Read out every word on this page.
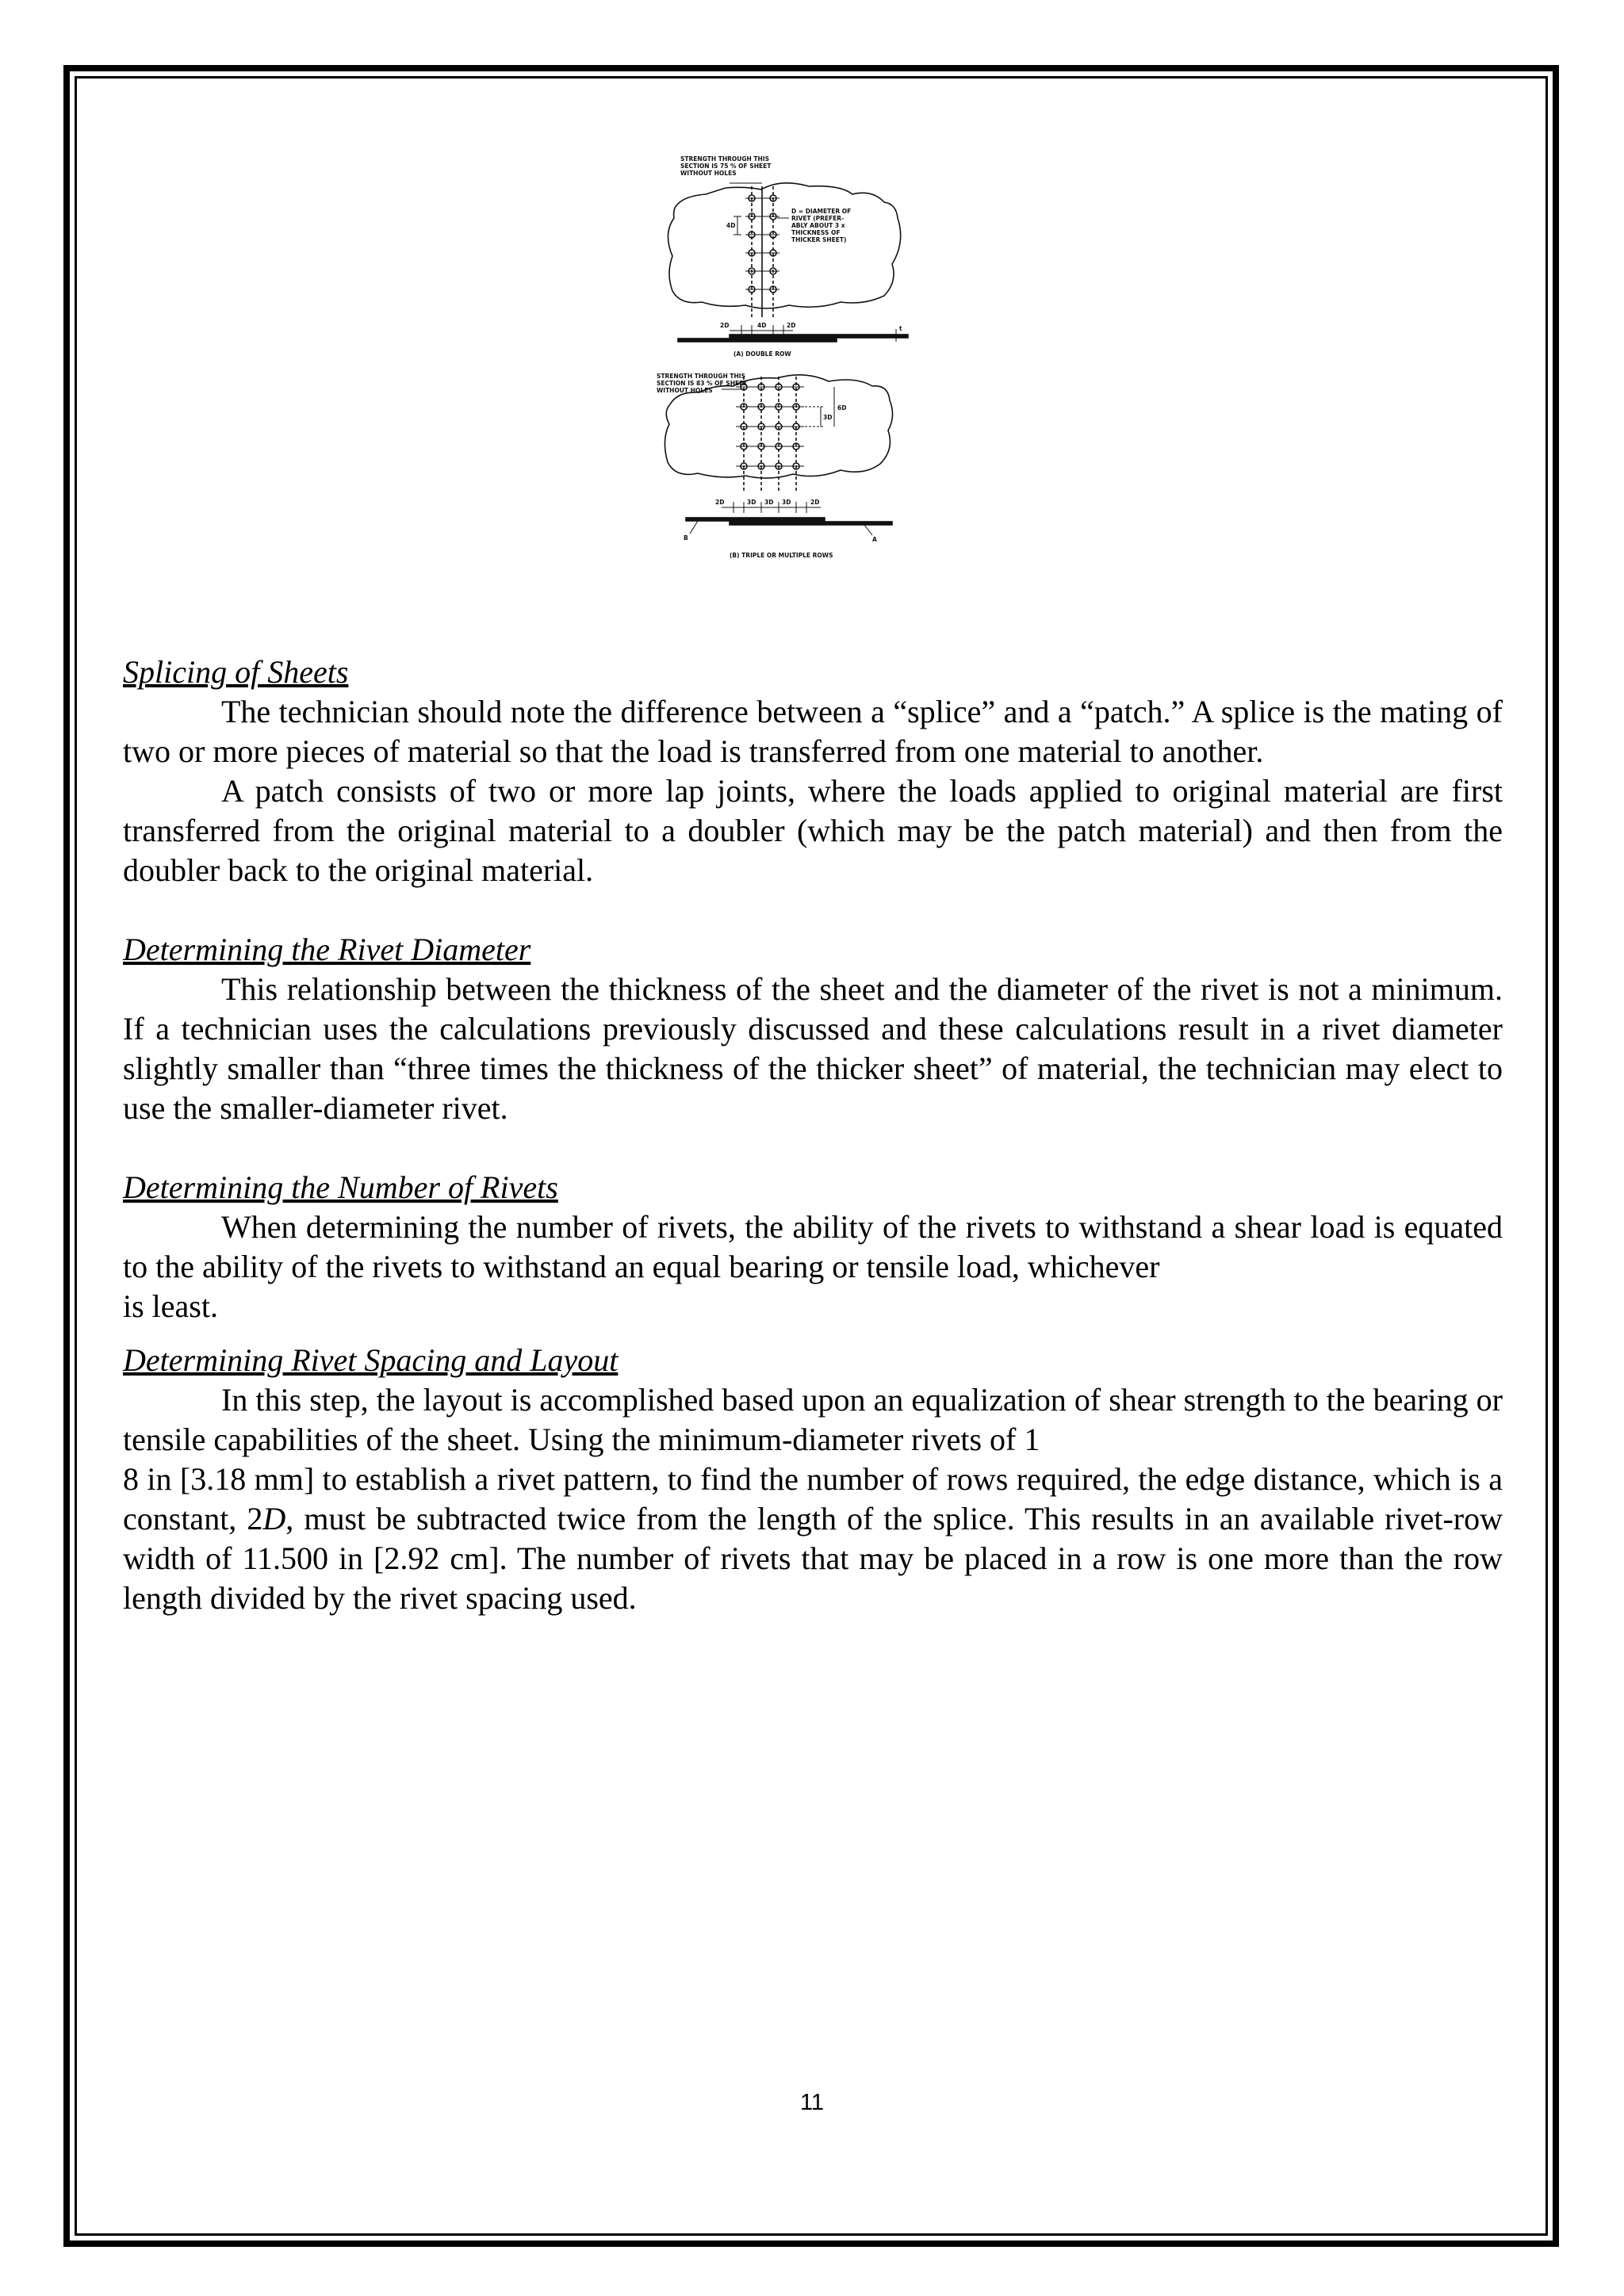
STRENGTH THROUGH THIS
SECTION IS 75 % OF SHEET
WITHOUT HOLES
D = DIAMETER OF
RIVET (PREFER-
ABLY ABOUT 3 x
THICKNESS OF
THICKER SHEET)
4D
2D	4D	2D	t
(A) DOUBLE ROW
STRENGTH THROUGH THIS
SECTION IS 83 % OF SHEET
WITHOUT HOLES
6D
3D
2D	3D 3D 3D	2D
B	A
(B) TRIPLE OR MULTIPLE ROWS

Splicing of Sheets

The technician should note the difference between a “splice” and a “patch.” A splice is the mating of two or more pieces of material so that the load is transferred from one material to another.

A patch consists of two or more lap joints, where the loads applied to original material are first transferred from the original material to a doubler (which may be the patch material) and then from the doubler back to the original material.

Determining the Rivet Diameter

This relationship between the thickness of the sheet and the diameter of the rivet is not a minimum. If a technician uses the calculations previously discussed and these calculations result in a rivet diameter slightly smaller than “three times the thickness of the thicker sheet” of material, the technician may elect to use the smaller-diameter rivet.

Determining the Number of Rivets

When determining the number of rivets, the ability of the rivets to withstand a shear load is equated to the ability of the rivets to withstand an equal bearing or tensile load, whichever
is least.

Determining Rivet Spacing and Layout

In this step, the layout is accomplished based upon an equalization of shear strength to the bearing or tensile capabilities of the sheet. Using the minimum-diameter rivets of 1
8 in [3.18 mm] to establish a rivet pattern, to find the number of rows required, the edge distance, which is a constant, 2D, must be subtracted twice from the length of the splice. This results in an available rivet-row width of 11.500 in [2.92 cm]. The number of rivets that may be placed in a row is one more than the row length divided by the rivet spacing used.

11
